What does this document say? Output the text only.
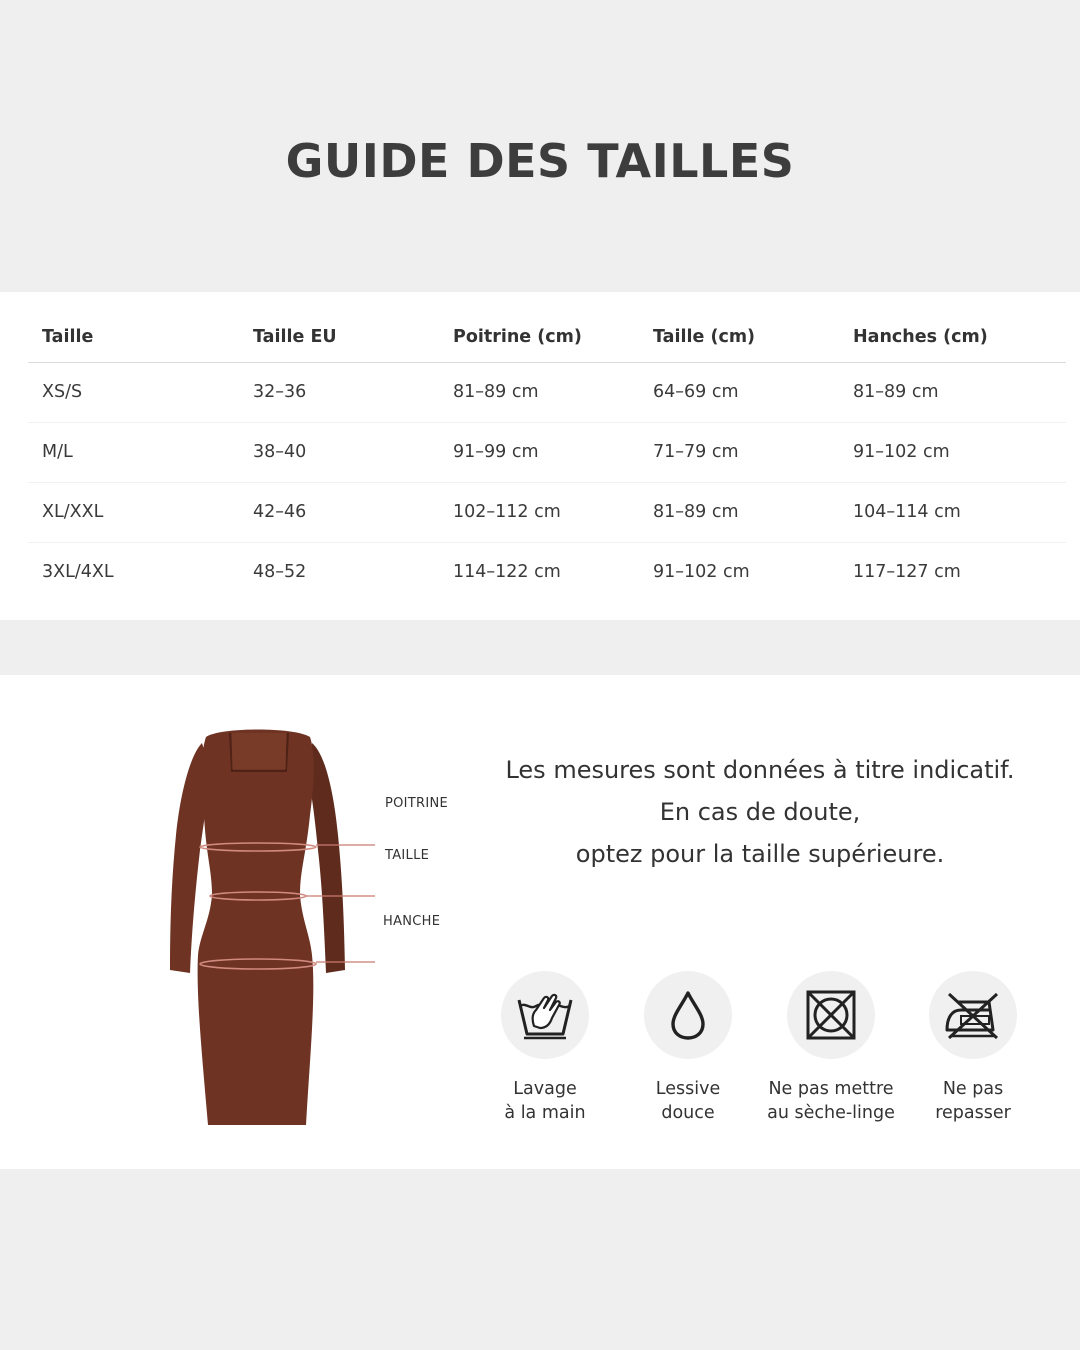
GUIDE DES TAILLES
Taille	Taille EU	Poitrine (cm)	Taille (cm)	Hanches (cm)
XS/S	32–36	81–89 cm	64–69 cm	81–89 cm
M/L	38–40	91–99 cm	71–79 cm	91–102 cm
XL/XXL	42–46	102–112 cm	81–89 cm	104–114 cm
3XL/4XL	48–52	114–122 cm	91–102 cm	117–127 cm
POITRINE
TAILLE
HANCHE
Les mesures sont données à titre indicatif.
En cas de doute,
optez pour la taille supérieure.
Lavage
à la main
Lessive
douce
Ne pas mettre
au sèche-linge
Ne pas
repasser
